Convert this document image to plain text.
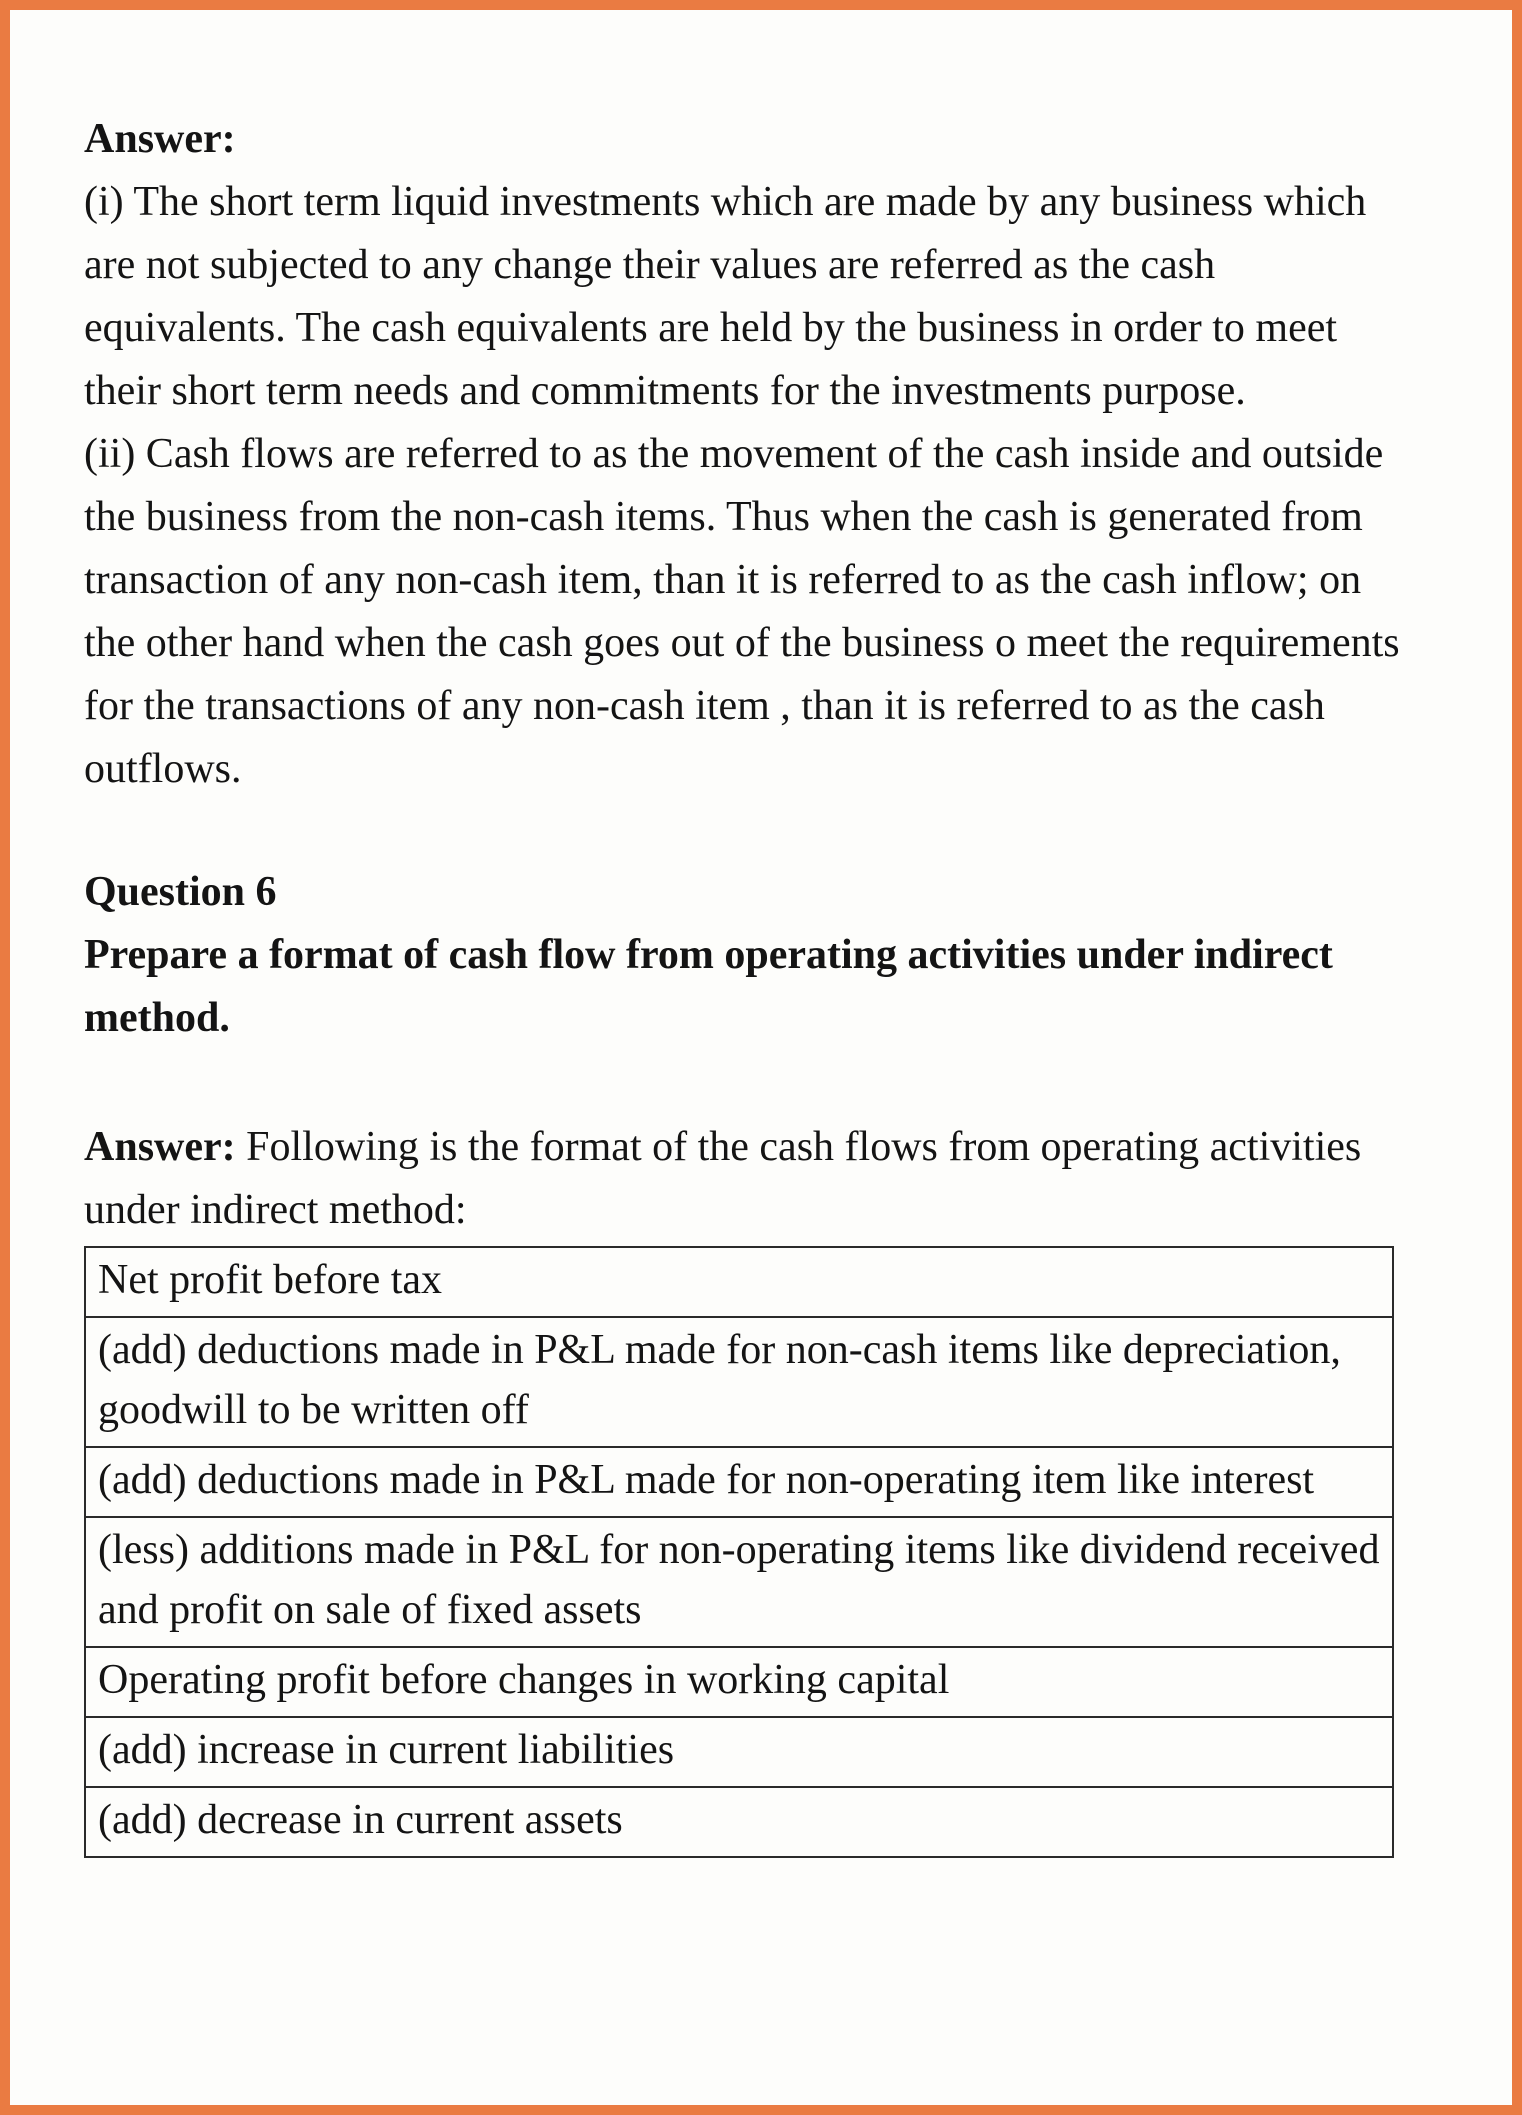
Answer:

(i) The short term liquid investments which are made by any business which are not subjected to any change their values are referred as the cash equivalents. The cash equivalents are held by the business in order to meet their short term needs and commitments for the investments purpose.

(ii) Cash flows are referred to as the movement of the cash inside and outside the business from the non-cash items. Thus when the cash is generated from transaction of any non-cash item, than it is referred to as the cash inflow; on the other hand when the cash goes out of the business o meet the requirements for the transactions of any non-cash item , than it is referred to as the cash outflows.

Question 6

Prepare a format of cash flow from operating activities under indirect method.

Answer: Following is the format of the cash flows from operating activities under indirect method:

Net profit before tax
(add) deductions made in P&L made for non-cash items like depreciation, goodwill to be written off
(add) deductions made in P&L made for non-operating item like interest
(less) additions made in P&L for non-operating items like dividend received and profit on sale of fixed assets
Operating profit before changes in working capital
(add) increase in current liabilities
(add) decrease in current assets
